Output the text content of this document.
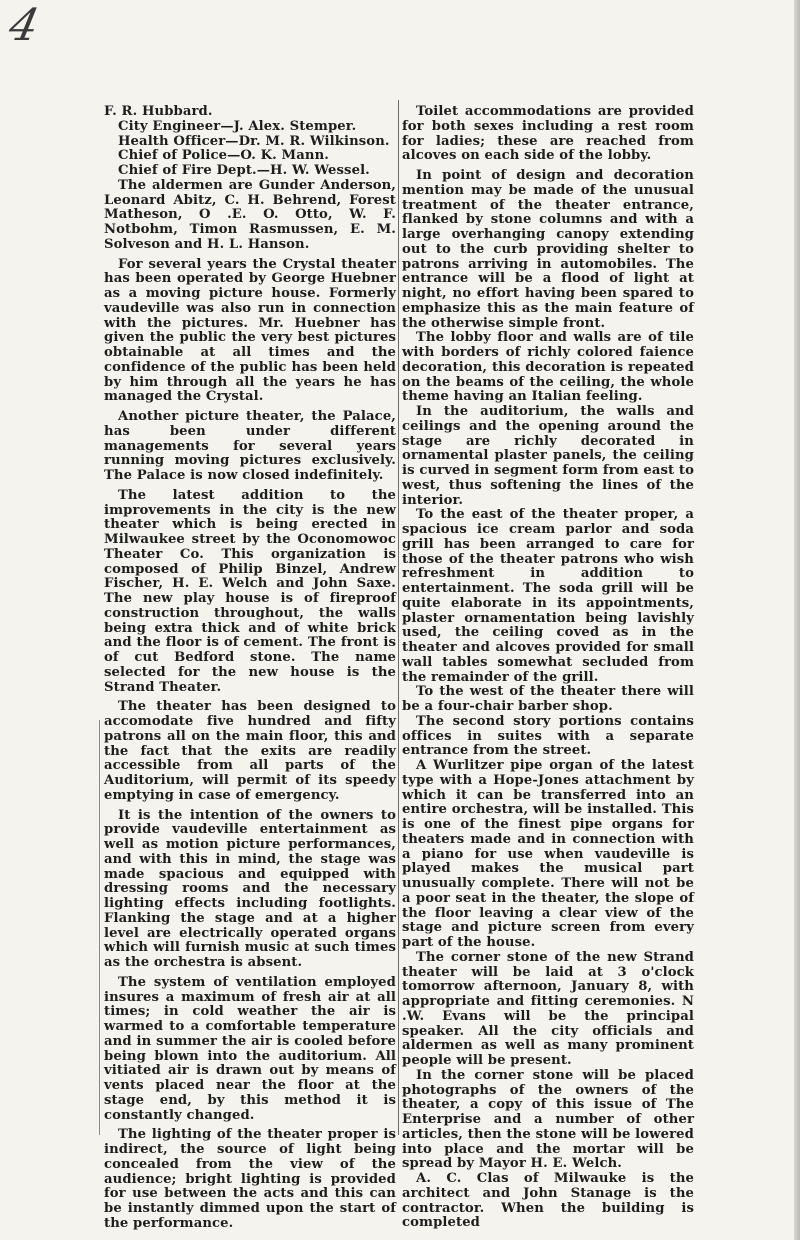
4

F. R. Hubbard.

City Engineer—J. Alex. Stemper.

Health Officer—Dr. M. R. Wilkinson.

Chief of Police—O. K. Mann.

Chief of Fire Dept.—H. W. Wessel.

The aldermen are Gunder Anderson, Leonard Abitz, C. H. Behrend, Forest Matheson, O .E. O. Otto, W. F. Notbohm, Timon Rasmussen, E. M. Solveson and H. L. Hanson.

For several years the Crystal theater has been operated by George Huebner as a moving picture house. Formerly vaudeville was also run in connection with the pictures. Mr. Huebner has given the public the very best pictures obtainable at all times and the confidence of the public has been held by him through all the years he has managed the Crystal.

Another picture theater, the Palace, has been under different managements for several years running moving pictures exclusively. The Palace is now closed indefinitely.

The latest addition to the improvements in the city is the new theater which is being erected in Milwaukee street by the Oconomowoc Theater Co. This organization is composed of Philip Binzel, Andrew Fischer, H. E. Welch and John Saxe. The new play house is of fireproof construction throughout, the walls being extra thick and of white brick and the floor is of cement. The front is of cut Bedford stone. The name selected for the new house is the Strand Theater.

The theater has been designed to accomodate five hundred and fifty patrons all on the main floor, this and the fact that the exits are readily accessible from all parts of the Auditorium, will permit of its speedy emptying in case of emergency.

It is the intention of the owners to provide vaudeville entertainment as well as motion picture performances, and with this in mind, the stage was made spacious and equipped with dressing rooms and the necessary lighting effects including footlights. Flanking the stage and at a higher level are electrically operated organs which will furnish music at such times as the orchestra is absent.

The system of ventilation employed insures a maximum of fresh air at all times; in cold weather the air is warmed to a comfortable temperature and in summer the air is cooled before being blown into the auditorium. All vitiated air is drawn out by means of vents placed near the floor at the stage end, by this method it is constantly changed.

The lighting of the theater proper is indirect, the source of light being concealed from the view of the audience; bright lighting is provided for use between the acts and this can be instantly dimmed upon the start of the performance.

Toilet accommodations are provided for both sexes including a rest room for ladies; these are reached from alcoves on each side of the lobby.

In point of design and decoration mention may be made of the unusual treatment of the theater entrance, flanked by stone columns and with a large overhanging canopy extending out to the curb providing shelter to patrons arriving in automobiles. The entrance will be a flood of light at night, no effort having been spared to emphasize this as the main feature of the otherwise simple front.

The lobby floor and walls are of tile with borders of richly colored faience decoration, this decoration is repeated on the beams of the ceiling, the whole theme having an Italian feeling.

In the auditorium, the walls and ceilings and the opening around the stage are richly decorated in ornamental plaster panels, the ceiling is curved in segment form from east to west, thus softening the lines of the interior.

To the east of the theater proper, a spacious ice cream parlor and soda grill has been arranged to care for those of the theater patrons who wish refreshment in addition to entertainment. The soda grill will be quite elaborate in its appointments, plaster ornamentation being lavishly used, the ceiling coved as in the theater and alcoves provided for small wall tables somewhat secluded from the remainder of the grill.

To the west of the theater there will be a four-chair barber shop.

The second story portions contains offices in suites with a separate entrance from the street.

A Wurlitzer pipe organ of the latest type with a Hope-Jones attachment by which it can be transferred into an entire orchestra, will be installed. This is one of the finest pipe organs for theaters made and in connection with a piano for use when vaudeville is played makes the musical part unusually complete. There will not be a poor seat in the theater, the slope of the floor leaving a clear view of the stage and picture screen from every part of the house.

The corner stone of the new Strand theater will be laid at 3 o'clock tomorrow afternoon, January 8, with appropriate and fitting ceremonies. N .W. Evans will be the principal speaker. All the city officials and aldermen as well as many prominent people will be present.

In the corner stone will be placed photographs of the owners of the theater, a copy of this issue of The Enterprise and a number of other articles, then the stone will be lowered into place and the mortar will be spread by Mayor H. E. Welch.

A. C. Clas of Milwauke is the architect and John Stanage is the contractor. When the building is completed
